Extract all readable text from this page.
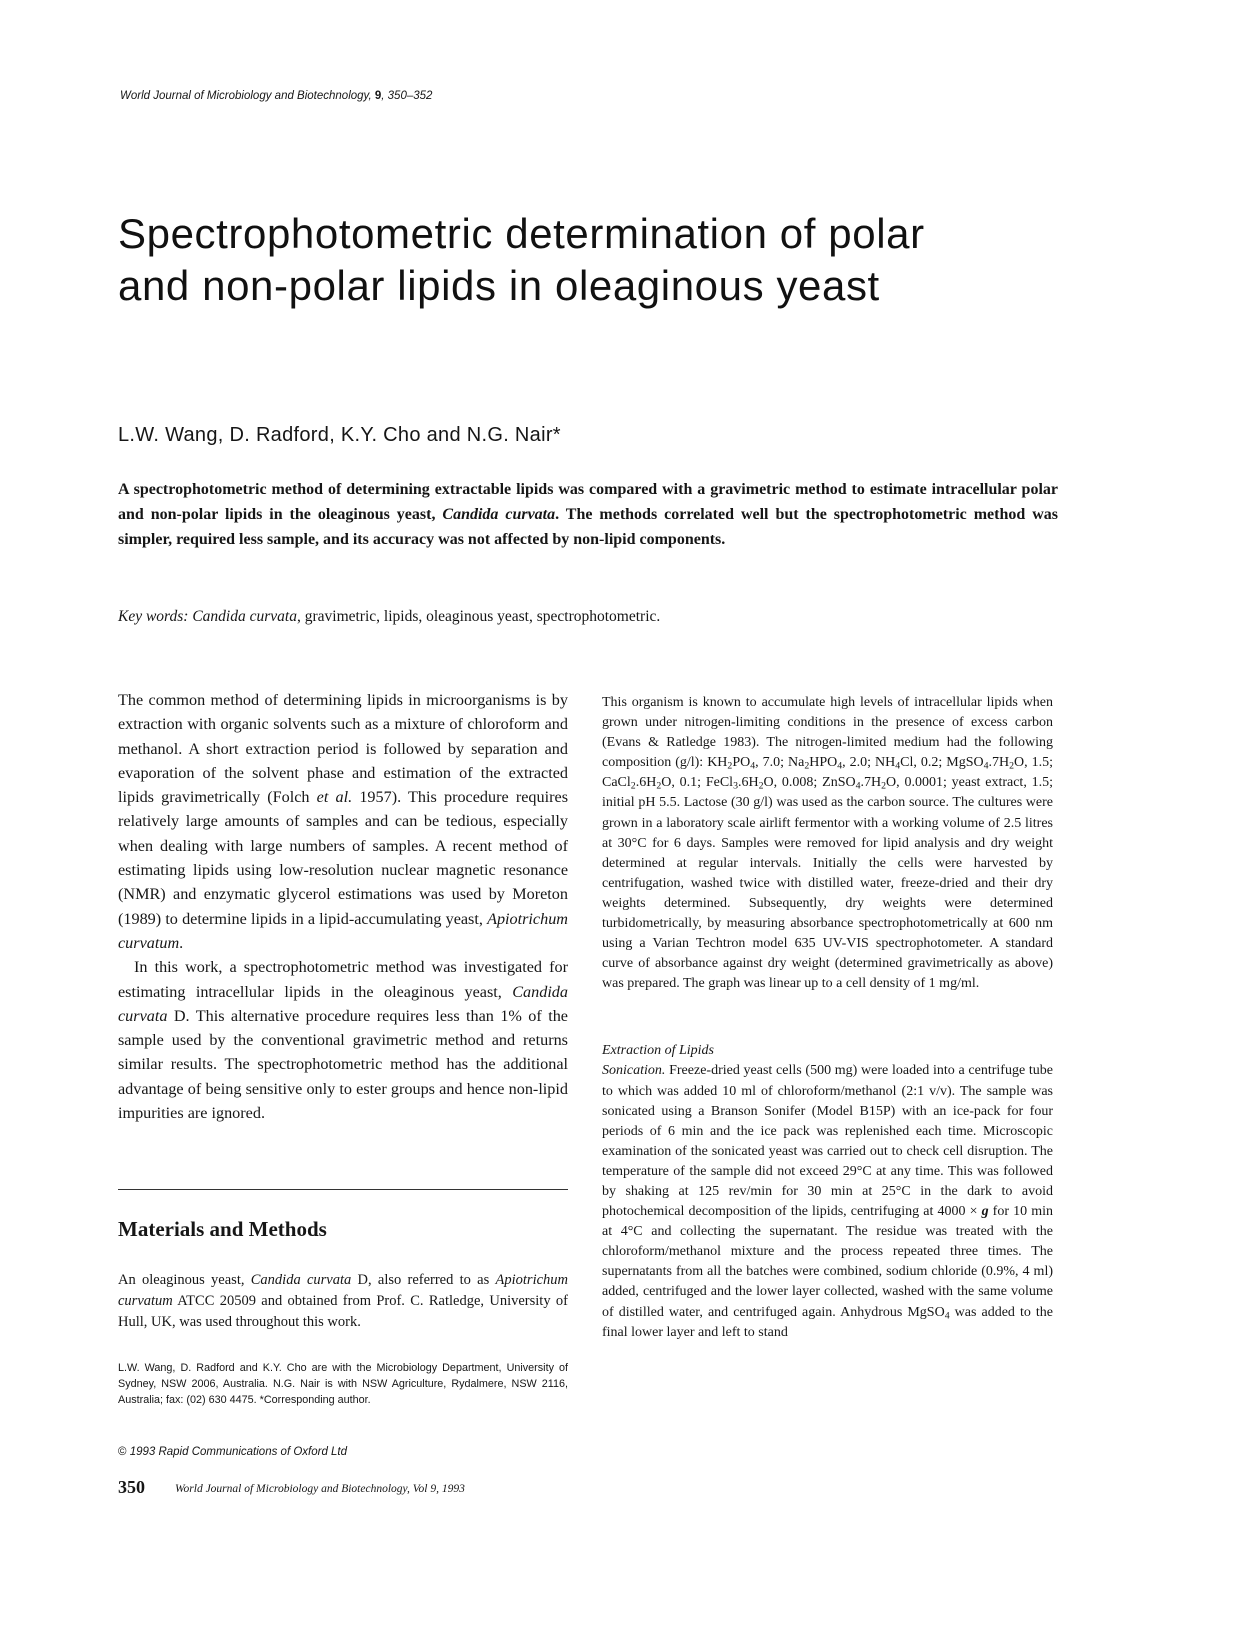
World Journal of Microbiology and Biotechnology, 9, 350–352
Spectrophotometric determination of polar
and non-polar lipids in oleaginous yeast
L.W. Wang, D. Radford, K.Y. Cho and N.G. Nair*

A spectrophotometric method of determining extractable lipids was compared with a gravimetric method to estimate intracellular polar and non-polar lipids in the oleaginous yeast, Candida curvata. The methods correlated well but the spectrophotometric method was simpler, required less sample, and its accuracy was not affected by non-lipid components.

Key words: Candida curvata, gravimetric, lipids, oleaginous yeast, spectrophotometric.

The common method of determining lipids in microorganisms is by extraction with organic solvents such as a mixture of chloroform and methanol. A short extraction period is followed by separation and evaporation of the solvent phase and estimation of the extracted lipids gravimetrically (Folch et al. 1957). This procedure requires relatively large amounts of samples and can be tedious, especially when dealing with large numbers of samples. A recent method of estimating lipids using low-resolution nuclear magnetic resonance (NMR) and enzymatic glycerol estimations was used by Moreton (1989) to determine lipids in a lipid-accumulating yeast, Apiotrichum curvatum.

In this work, a spectrophotometric method was investigated for estimating intracellular lipids in the oleaginous yeast, Candida curvata D. This alternative procedure requires less than 1% of the sample used by the conventional gravimetric method and returns similar results. The spectrophotometric method has the additional advantage of being sensitive only to ester groups and hence non-lipid impurities are ignored.

Materials and Methods

An oleaginous yeast, Candida curvata D, also referred to as Apiotrichum curvatum ATCC 20509 and obtained from Prof. C. Ratledge, University of Hull, UK, was used throughout this work.

L.W. Wang, D. Radford and K.Y. Cho are with the Microbiology Department, University of Sydney, NSW 2006, Australia. N.G. Nair is with NSW Agriculture, Rydalmere, NSW 2116, Australia; fax: (02) 630 4475. *Corresponding author.

© 1993 Rapid Communications of Oxford Ltd

350	World Journal of Microbiology and Biotechnology, Vol 9, 1993

This organism is known to accumulate high levels of intracellular lipids when grown under nitrogen-limiting conditions in the presence of excess carbon (Evans & Ratledge 1983). The nitrogen-limited medium had the following composition (g/l): $KH_2PO_4$, 7.0; $Na_2HPO_4$, 2.0; $NH_4Cl$, 0.2; $MgSO_4.7H_2O$, 1.5; $CaCl_2.6H_2O$, 0.1; $FeCl_3.6H_2O$, 0.008; $ZnSO_4.7H_2O$, 0.0001; yeast extract, 1.5; initial pH 5.5. Lactose (30 g/l) was used as the carbon source. The cultures were grown in a laboratory scale airlift fermentor with a working volume of 2.5 litres at 30°C for 6 days. Samples were removed for lipid analysis and dry weight determined at regular intervals. Initially the cells were harvested by centrifugation, washed twice with distilled water, freeze-dried and their dry weights determined. Subsequently, dry weights were determined turbidometrically, by measuring absorbance spectrophotometrically at 600 nm using a Varian Techtron model 635 UV-VIS spectrophotometer. A standard curve of absorbance against dry weight (determined gravimetrically as above) was prepared. The graph was linear up to a cell density of 1 mg/ml.

Extraction of Lipids

Sonication. Freeze-dried yeast cells (500 mg) were loaded into a centrifuge tube to which was added 10 ml of chloroform/methanol (2:1 v/v). The sample was sonicated using a Branson Sonifer (Model B15P) with an ice-pack for four periods of 6 min and the ice pack was replenished each time. Microscopic examination of the sonicated yeast was carried out to check cell disruption. The temperature of the sample did not exceed 29°C at any time. This was followed by shaking at 125 rev/min for 30 min at 25°C in the dark to avoid photochemical decomposition of the lipids, centrifuging at 4000 × g for 10 min at 4°C and collecting the supernatant. The residue was treated with the chloroform/methanol mixture and the process repeated three times. The supernatants from all the batches were combined, sodium chloride (0.9%, 4 ml) added, centrifuged and the lower layer collected, washed with the same volume of distilled water, and centrifuged again. Anhydrous MgSO$_4$ was added to the final lower layer and left to stand
